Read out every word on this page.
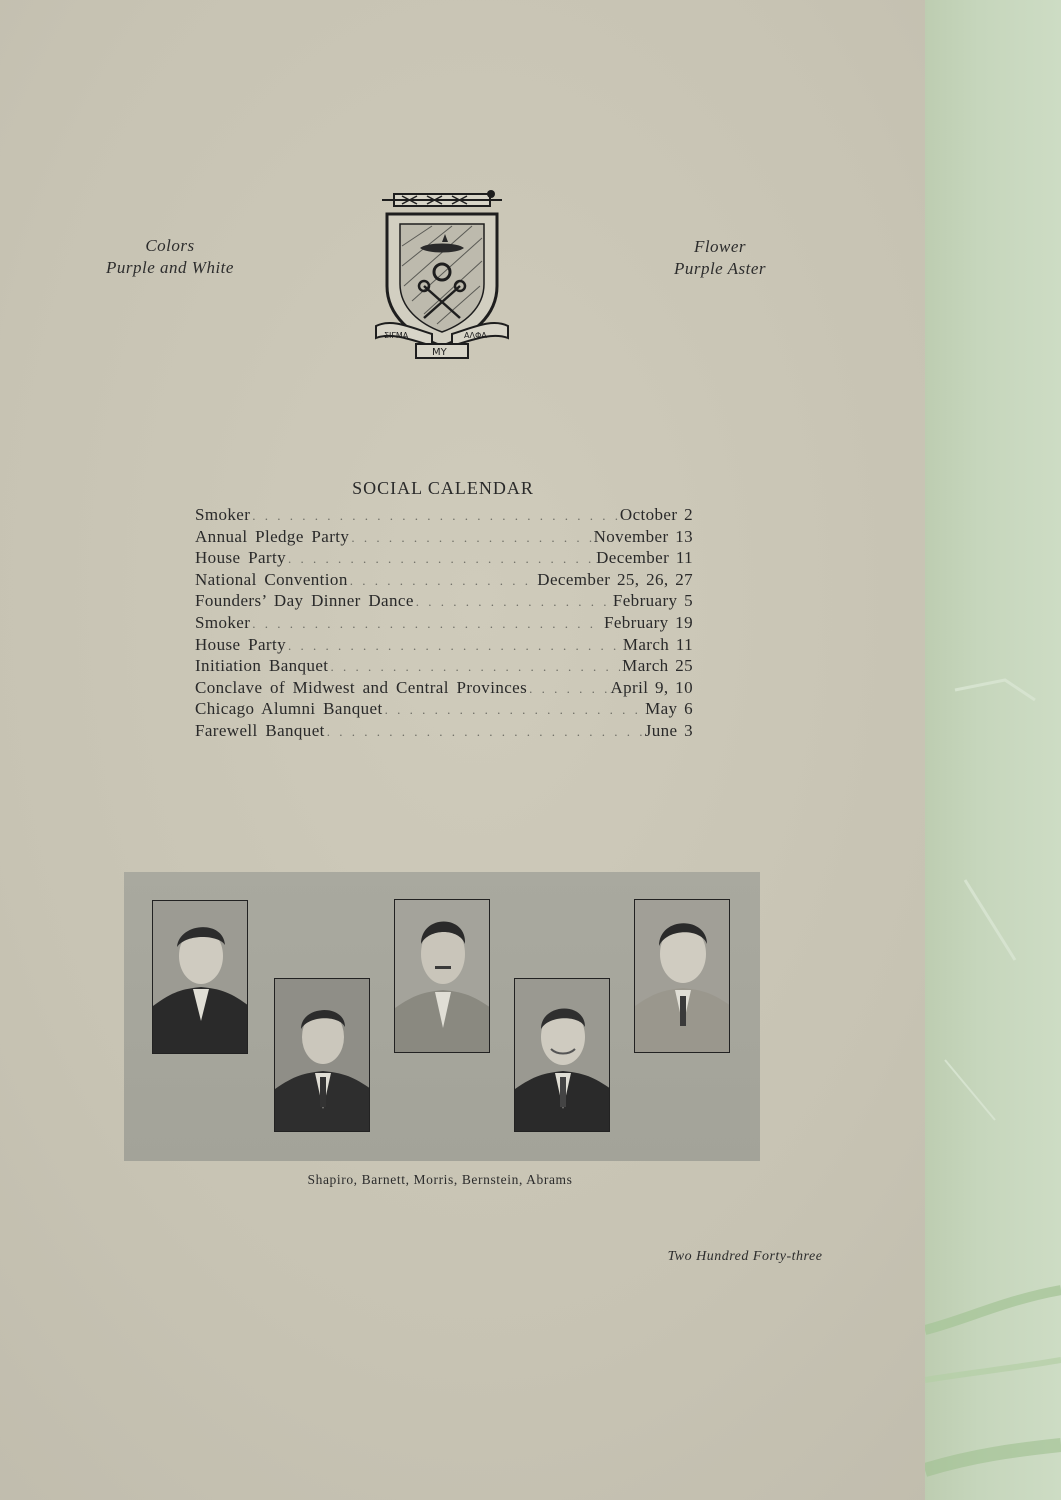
Colors
Purple and White
ΣΙΓΜΑ	ΑΛΦΑ
ΜΥ
Flower
Purple Aster
SOCIAL CALENDAR
Smoker . . .	October 2
Annual Pledge Party . . .	November 13
House Party . . .	December 11
National Convention . . .	December 25, 26, 27
Founders’ Day Dinner Dance . . .	February 5
Smoker . . .	February 19
House Party . . .	March 11
Initiation Banquet . . .	March 25
Conclave of Midwest and Central Provinces . . .	April 9, 10
Chicago Alumni Banquet . . .	May 6
Farewell Banquet . . .	June 3
Shapiro, Barnett, Morris, Bernstein, Abrams
Two Hundred Forty-three
